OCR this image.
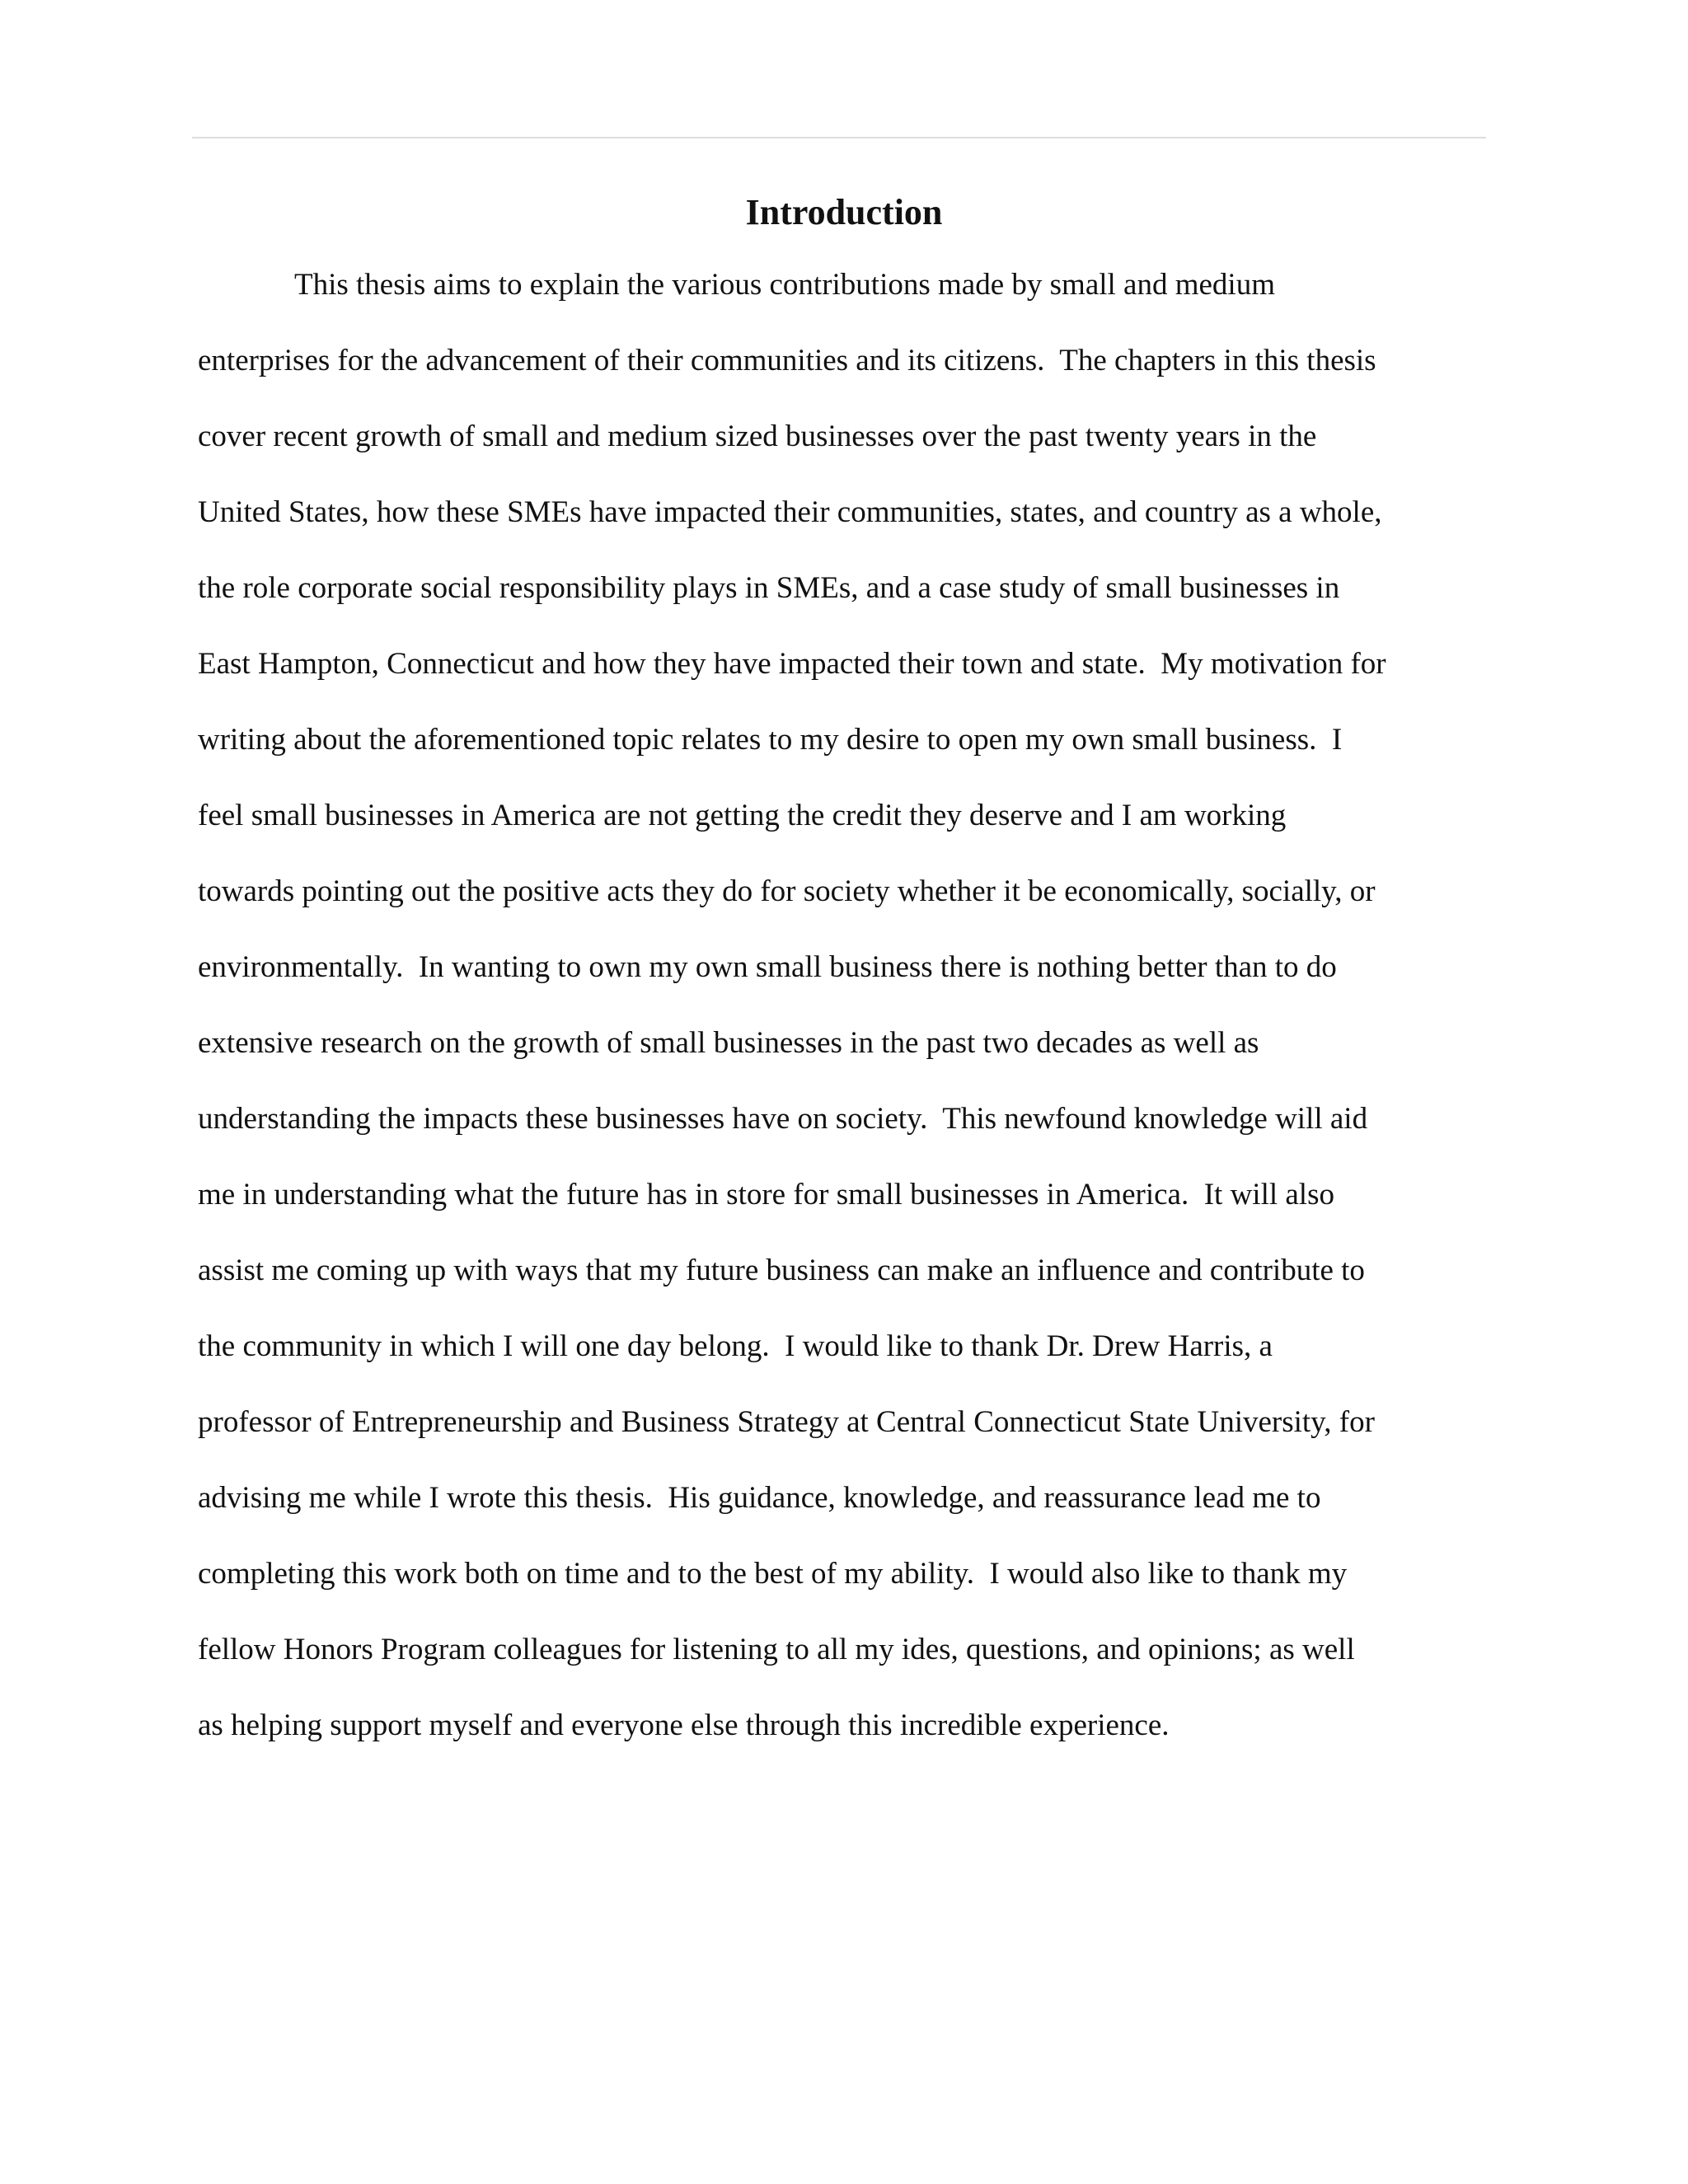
Introduction
This thesis aims to explain the various contributions made by small and medium
enterprises for the advancement of their communities and its citizens.  The chapters in this thesis
cover recent growth of small and medium sized businesses over the past twenty years in the
United States, how these SMEs have impacted their communities, states, and country as a whole,
the role corporate social responsibility plays in SMEs, and a case study of small businesses in
East Hampton, Connecticut and how they have impacted their town and state.  My motivation for
writing about the aforementioned topic relates to my desire to open my own small business.  I
feel small businesses in America are not getting the credit they deserve and I am working
towards pointing out the positive acts they do for society whether it be economically, socially, or
environmentally.  In wanting to own my own small business there is nothing better than to do
extensive research on the growth of small businesses in the past two decades as well as
understanding the impacts these businesses have on society.  This newfound knowledge will aid
me in understanding what the future has in store for small businesses in America.  It will also
assist me coming up with ways that my future business can make an influence and contribute to
the community in which I will one day belong.  I would like to thank Dr. Drew Harris, a
professor of Entrepreneurship and Business Strategy at Central Connecticut State University, for
advising me while I wrote this thesis.  His guidance, knowledge, and reassurance lead me to
completing this work both on time and to the best of my ability.  I would also like to thank my
fellow Honors Program colleagues for listening to all my ides, questions, and opinions; as well
as helping support myself and everyone else through this incredible experience.
